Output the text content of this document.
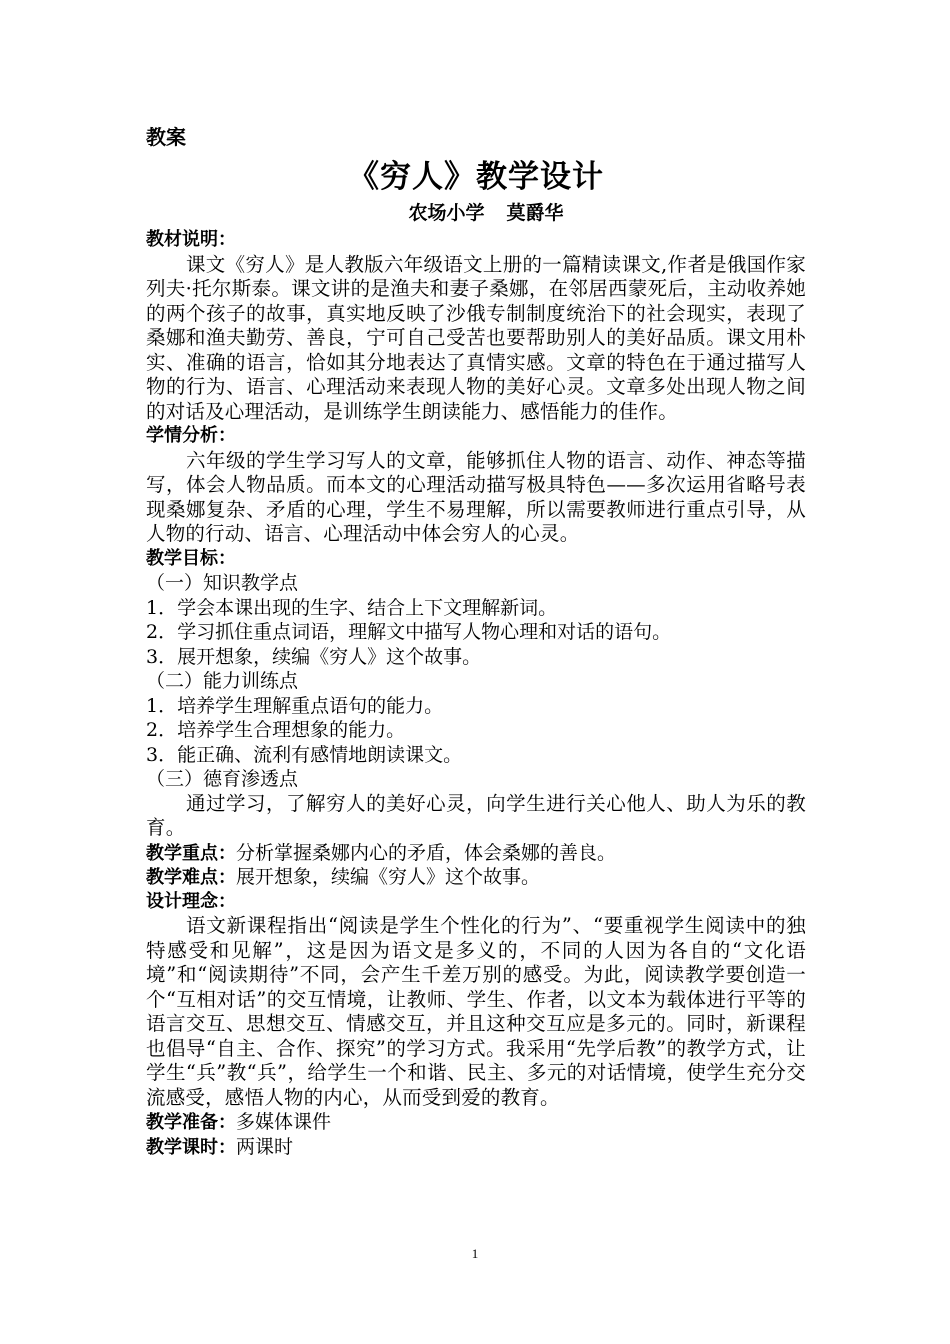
教案
《穷人》教学设计
农场小学 莫爵华
教材说明：
课文《穷人》是人教版六年级语文上册的一篇精读课文,作者是俄国作家列夫·托尔斯泰。课文讲的是渔夫和妻子桑娜，在邻居西蒙死后，主动收养她的两个孩子的故事，真实地反映了沙俄专制制度统治下的社会现实，表现了桑娜和渔夫勤劳、善良，宁可自己受苦也要帮助别人的美好品质。课文用朴实、准确的语言，恰如其分地表达了真情实感。文章的特色在于通过描写人物的行为、语言、心理活动来表现人物的美好心灵。文章多处出现人物之间的对话及心理活动，是训练学生朗读能力、感悟能力的佳作。
学情分析：
六年级的学生学习写人的文章，能够抓住人物的语言、动作、神态等描写，体会人物品质。而本文的心理活动描写极具特色——多次运用省略号表现桑娜复杂、矛盾的心理，学生不易理解，所以需要教师进行重点引导，从人物的行动、语言、心理活动中体会穷人的心灵。
教学目标：
（一）知识教学点
1．学会本课出现的生字、结合上下文理解新词。
2．学习抓住重点词语，理解文中描写人物心理和对话的语句。
3．展开想象，续编《穷人》这个故事。
（二）能力训练点
1．培养学生理解重点语句的能力。
2．培养学生合理想象的能力。
3．能正确、流利有感情地朗读课文。
（三）德育渗透点
通过学习，了解穷人的美好心灵，向学生进行关心他人、助人为乐的教育。
教学重点：分析掌握桑娜内心的矛盾，体会桑娜的善良。
教学难点：展开想象，续编《穷人》这个故事。
设计理念：
语文新课程指出“阅读是学生个性化的行为”、“要重视学生阅读中的独特感受和见解”，这是因为语文是多义的，不同的人因为各自的“文化语境”和“阅读期待”不同，会产生千差万别的感受。为此，阅读教学要创造一个“互相对话”的交互情境，让教师、学生、作者，以文本为载体进行平等的语言交互、思想交互、情感交互，并且这种交互应是多元的。同时，新课程也倡导“自主、合作、探究”的学习方式。我采用“先学后教”的教学方式，让学生“兵”教“兵”，给学生一个和谐、民主、多元的对话情境，使学生充分交流感受，感悟人物的内心，从而受到爱的教育。
教学准备：多媒体课件
教学课时：两课时
1
